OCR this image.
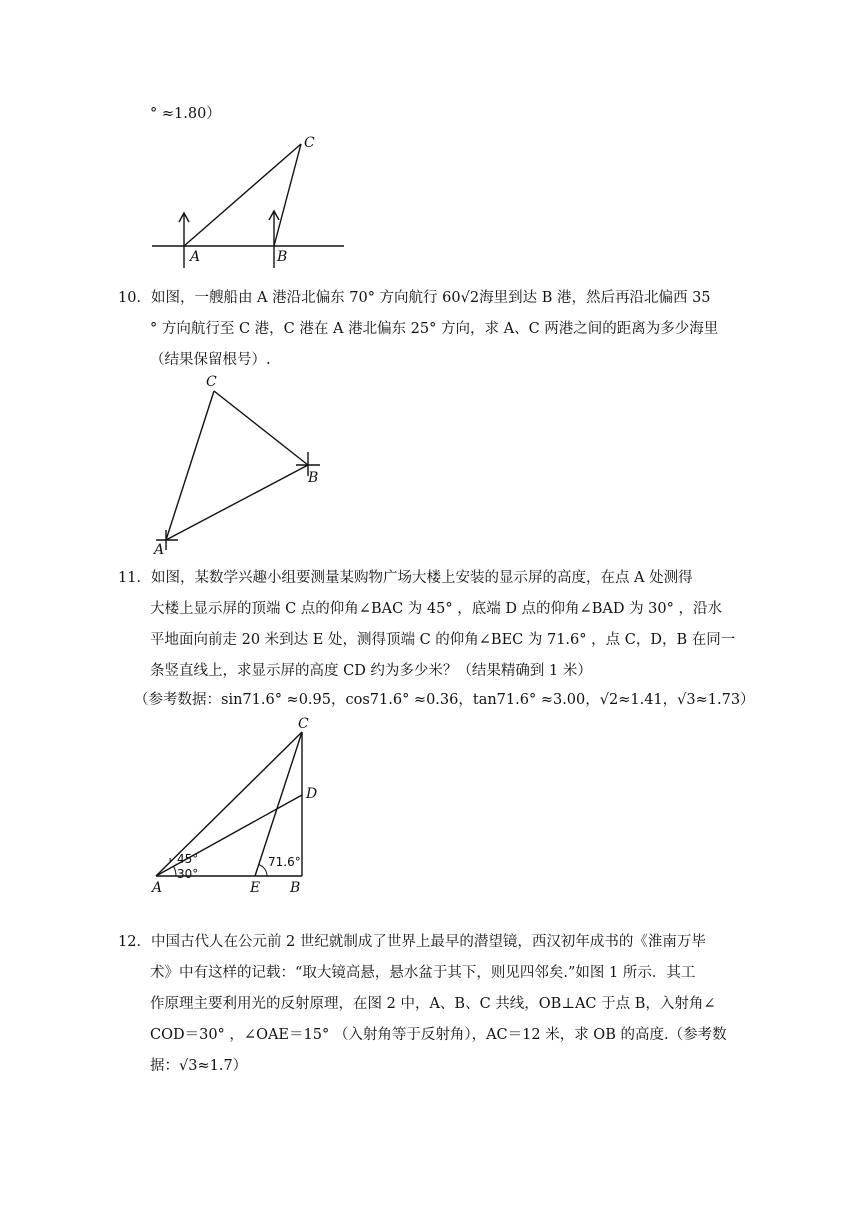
° ≈1.80）
A	B
C
10．如图，一艘船由 A 港沿北偏东 70° 方向航行 60√2海里到达 B 港，然后再沿北偏西 35
° 方向航行至 C 港，C 港在 A 港北偏东 25° 方向，求 A、C 两港之间的距离为多少海里
（结果保留根号）.
A
B
C
11．如图，某数学兴趣小组要测量某购物广场大楼上安装的显示屏的高度，在点 A 处测得
大楼上显示屏的顶端 C 点的仰角∠BAC 为 45° ，底端 D 点的仰角∠BAD 为 30° ，沿水
平地面向前走 20 米到达 E 处，测得顶端 C 的仰角∠BEC 为 71.6° ，点 C，D，B 在同一
条竖直线上，求显示屏的高度 CD 约为多少米？（结果精确到 1 米）
（参考数据：sin71.6° ≈0.95，cos71.6° ≈0.36，tan71.6° ≈3.00，√2≈1.41，√3≈1.73）
45°
30°
71.6°
A	E B
C
D
12．中国古代人在公元前 2 世纪就制成了世界上最早的潜望镜，西汉初年成书的《淮南万毕
术》中有这样的记载：“取大镜高悬，悬水盆于其下，则见四邻矣.”如图 1 所示．其工
作原理主要利用光的反射原理，在图 2 中，A、B、C 共线，OB⊥AC 于点 B，入射角∠
COD＝30° ，∠OAE＝15° （入射角等于反射角），AC＝12 米，求 OB 的高度.（参考数
据：√3≈1.7）
